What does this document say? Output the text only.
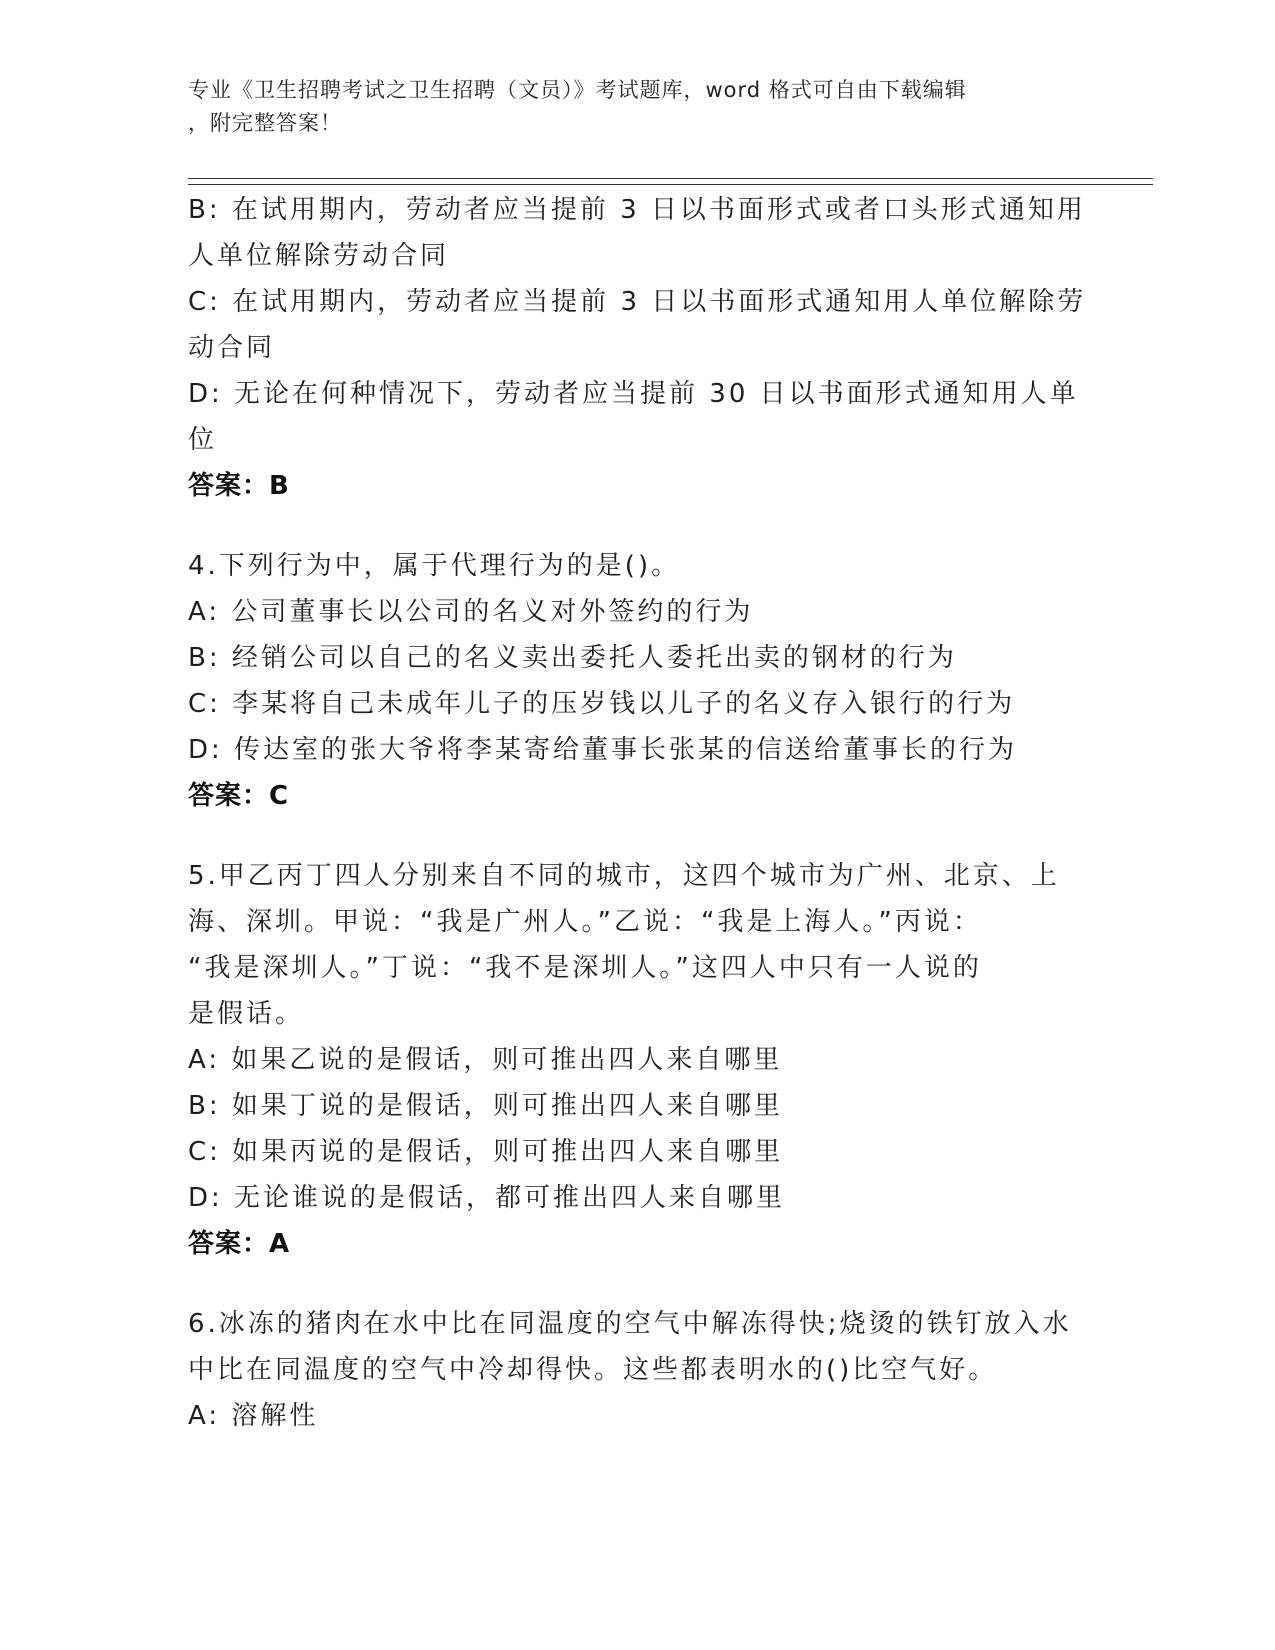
专业《卫生招聘考试之卫生招聘（文员）》考试题库，word 格式可自由下载编辑
，附完整答案！
B: 在试用期内，劳动者应当提前 3 日以书面形式或者口头形式通知用
人单位解除劳动合同
C: 在试用期内，劳动者应当提前 3 日以书面形式通知用人单位解除劳
动合同
D: 无论在何种情况下，劳动者应当提前 30 日以书面形式通知用人单
位
答案：B
4.下列行为中，属于代理行为的是()。
A: 公司董事长以公司的名义对外签约的行为
B: 经销公司以自己的名义卖出委托人委托出卖的钢材的行为
C: 李某将自己未成年儿子的压岁钱以儿子的名义存入银行的行为
D: 传达室的张大爷将李某寄给董事长张某的信送给董事长的行为
答案：C
5.甲乙丙丁四人分别来自不同的城市，这四个城市为广州、北京、上
海、深圳。甲说：“我是广州人。”乙说：“我是上海人。”丙说：
“我是深圳人。”丁说：“我不是深圳人。”这四人中只有一人说的
是假话。
A: 如果乙说的是假话，则可推出四人来自哪里
B: 如果丁说的是假话，则可推出四人来自哪里
C: 如果丙说的是假话，则可推出四人来自哪里
D: 无论谁说的是假话，都可推出四人来自哪里
答案：A
6.冰冻的猪肉在水中比在同温度的空气中解冻得快;烧烫的铁钉放入水
中比在同温度的空气中冷却得快。这些都表明水的()比空气好。
A: 溶解性
